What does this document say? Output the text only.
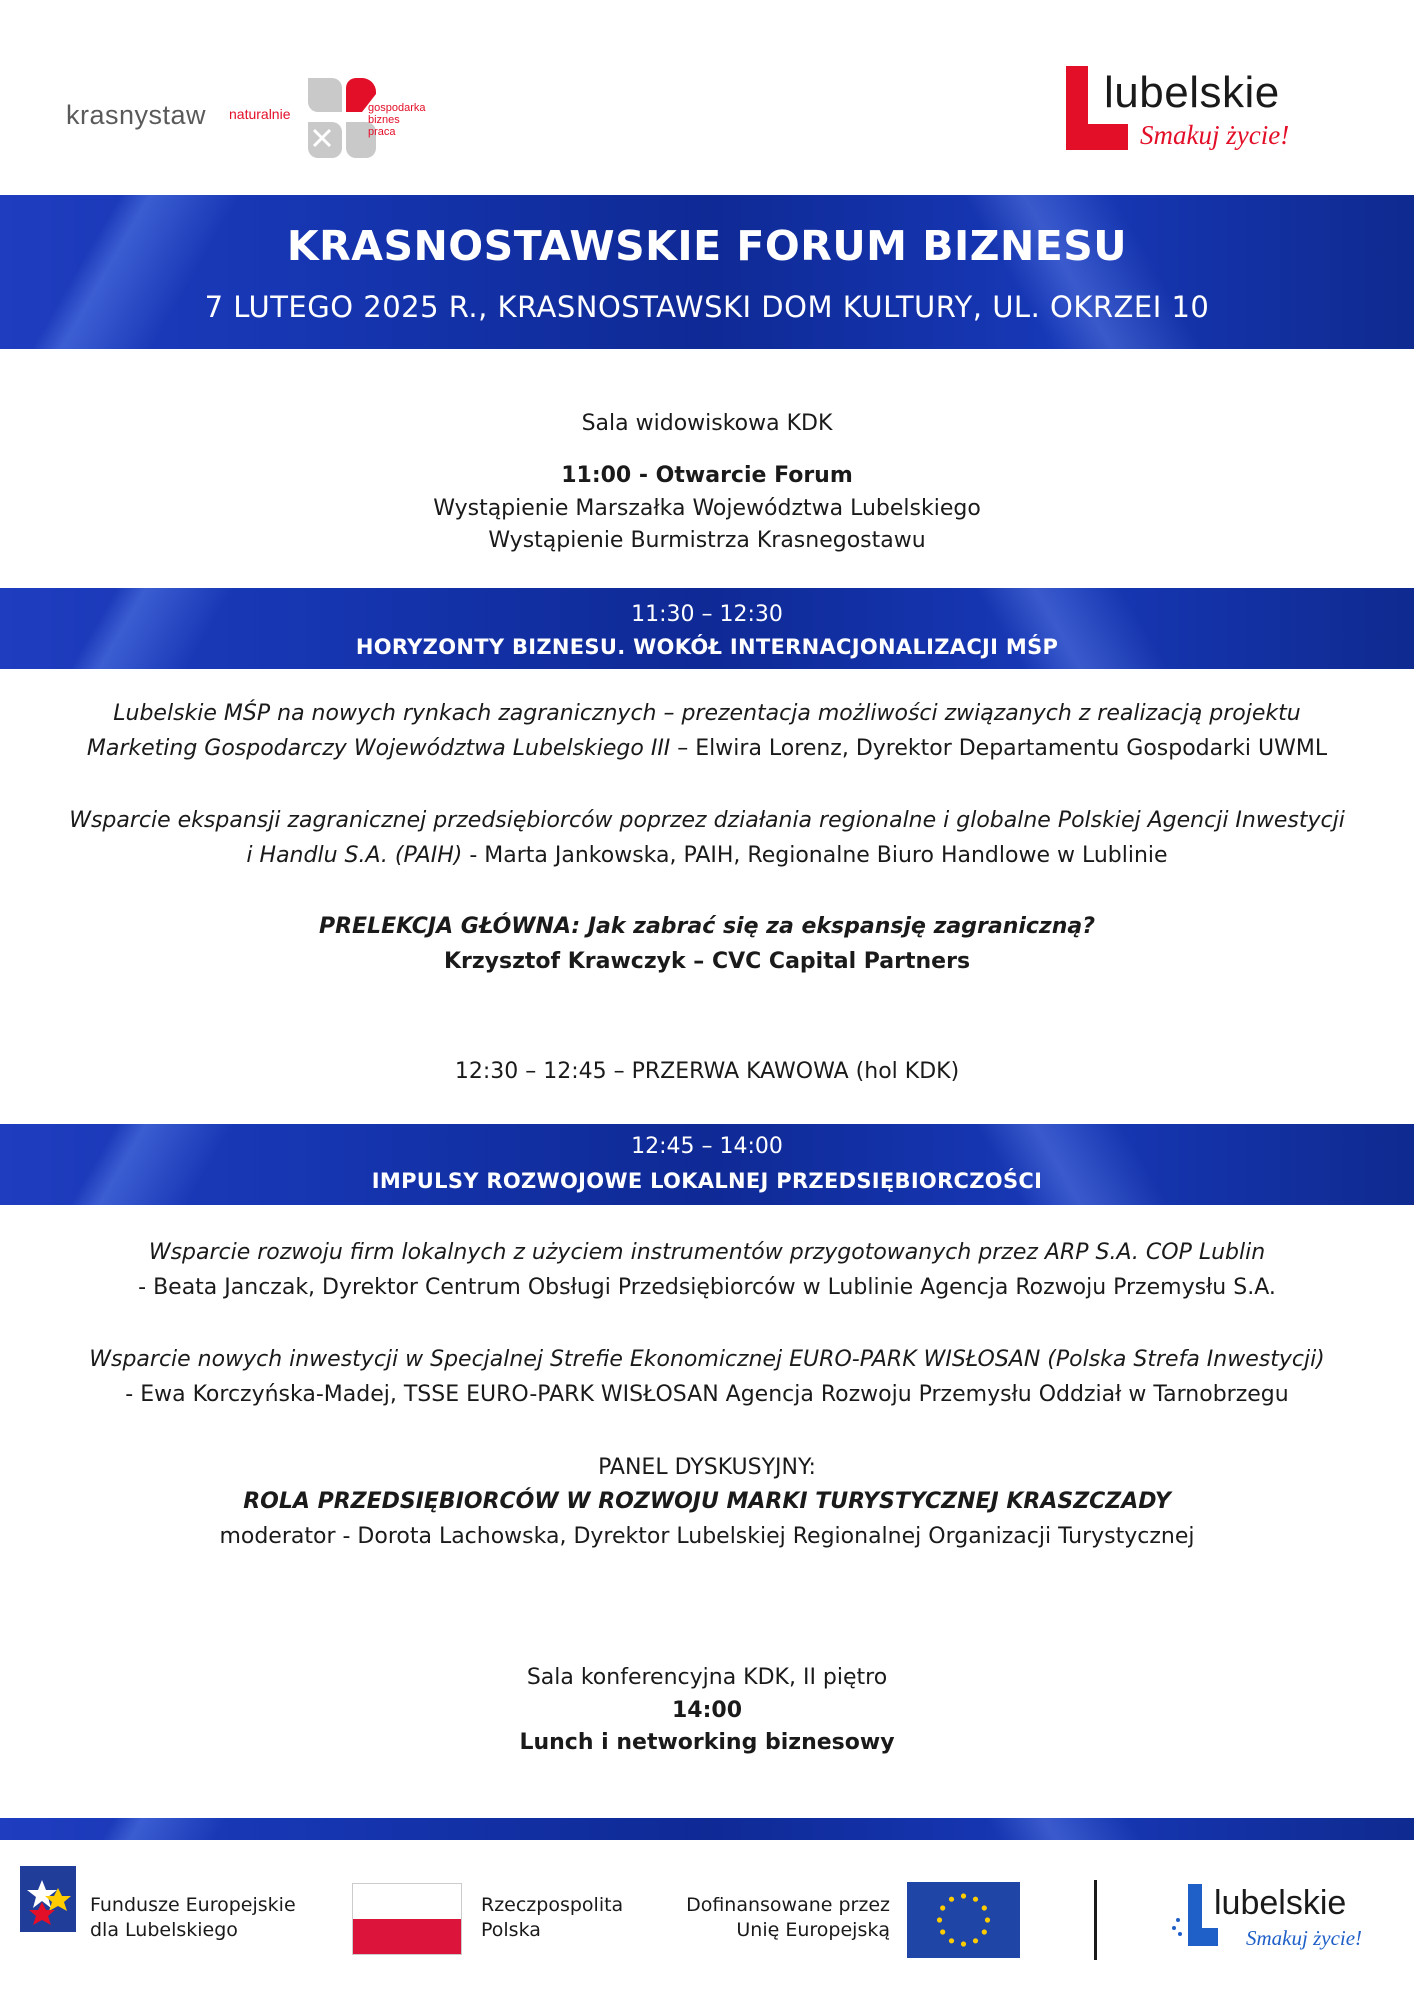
krasnystaw naturalnie	gospodarka
biznes
praca
lubelskie
Smakuj życie!
KRASNOSTAWSKIE FORUM BIZNESU
7 LUTEGO 2025 R., KRASNOSTAWSKI DOM KULTURY, UL. OKRZEI 10
Sala widowiskowa KDK
11:00 - Otwarcie Forum
Wystąpienie Marszałka Województwa Lubelskiego
Wystąpienie Burmistrza Krasnegostawu
11:30 – 12:30
HORYZONTY BIZNESU. WOKÓŁ INTERNACJONALIZACJI MŚP
Lubelskie MŚP na nowych rynkach zagranicznych – prezentacja możliwości związanych z realizacją projektu
Marketing Gospodarczy Województwa Lubelskiego III – Elwira Lorenz, Dyrektor Departamentu Gospodarki UWML
Wsparcie ekspansji zagranicznej przedsiębiorców poprzez działania regionalne i globalne Polskiej Agencji Inwestycji
i Handlu S.A. (PAIH) - Marta Jankowska, PAIH, Regionalne Biuro Handlowe w Lublinie
PRELEKCJA GŁÓWNA: Jak zabrać się za ekspansję zagraniczną?
Krzysztof Krawczyk – CVC Capital Partners
12:30 – 12:45 – PRZERWA KAWOWA (hol KDK)
12:45 – 14:00
IMPULSY ROZWOJOWE LOKALNEJ PRZEDSIĘBIORCZOŚCI
Wsparcie rozwoju firm lokalnych z użyciem instrumentów przygotowanych przez ARP S.A. COP Lublin
- Beata Janczak, Dyrektor Centrum Obsługi Przedsiębiorców w Lublinie Agencja Rozwoju Przemysłu S.A.
Wsparcie nowych inwestycji w Specjalnej Strefie Ekonomicznej EURO-PARK WISŁOSAN (Polska Strefa Inwestycji)
- Ewa Korczyńska-Madej, TSSE EURO-PARK WISŁOSAN Agencja Rozwoju Przemysłu Oddział w Tarnobrzegu
PANEL DYSKUSYJNY:
ROLA PRZEDSIĘBIORCÓW W ROZWOJU MARKI TURYSTYCZNEJ KRASZCZADY
moderator - Dorota Lachowska, Dyrektor Lubelskiej Regionalnej Organizacji Turystycznej
Sala konferencyjna KDK, II piętro
14:00
Lunch i networking biznesowy
Fundusze Europejskie
dla Lubelskiego
Rzeczpospolita
Polska
Dofinansowane przez
Unię Europejską
lubelskie
Smakuj życie!
